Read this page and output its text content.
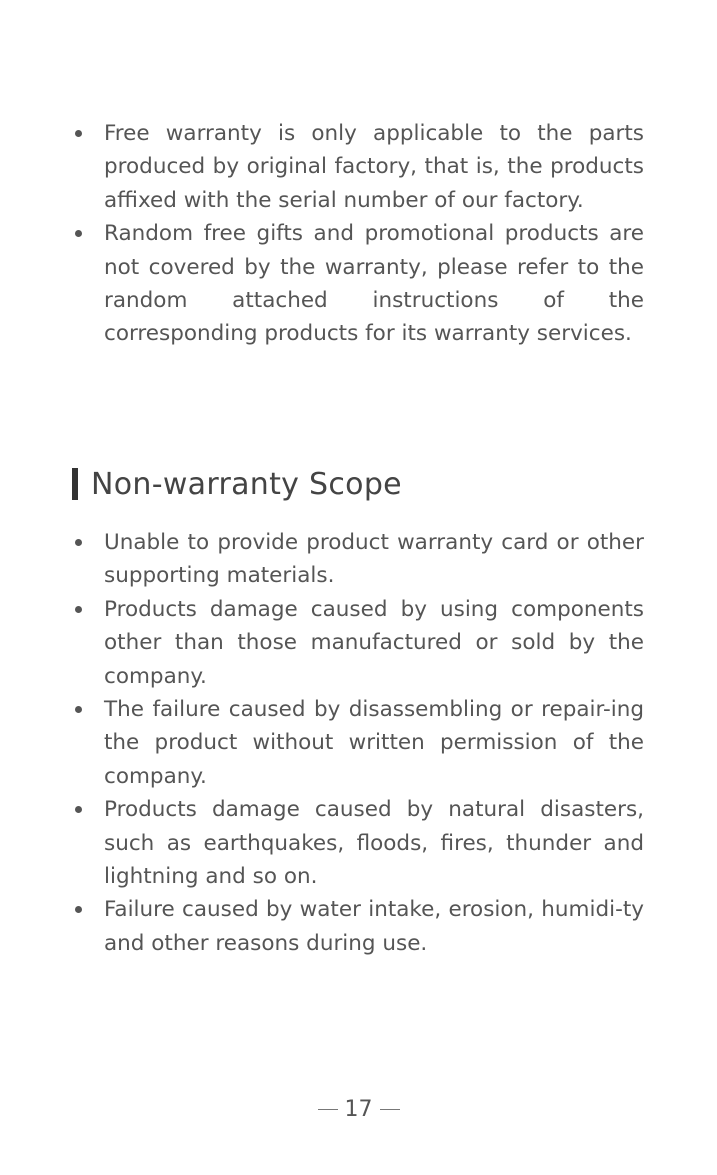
Free warranty is only applicable to the parts produced by original factory, that is, the products affixed with the serial number of our factory.
Random free gifts and promotional products are not covered by the warranty, please refer to the random attached instructions of the corresponding products for its warranty services.
Non-warranty Scope
Unable to provide product warranty card or other supporting materials.
Products damage caused by using components other than those manufactured or sold by the company.
The failure caused by disassembling or repair-ing the product without written permission of the company.
Products damage caused by natural disasters, such as earthquakes, floods, fires, thunder and lightning and so on.
Failure caused by water intake, erosion, humidi-ty and other reasons during use.
17
